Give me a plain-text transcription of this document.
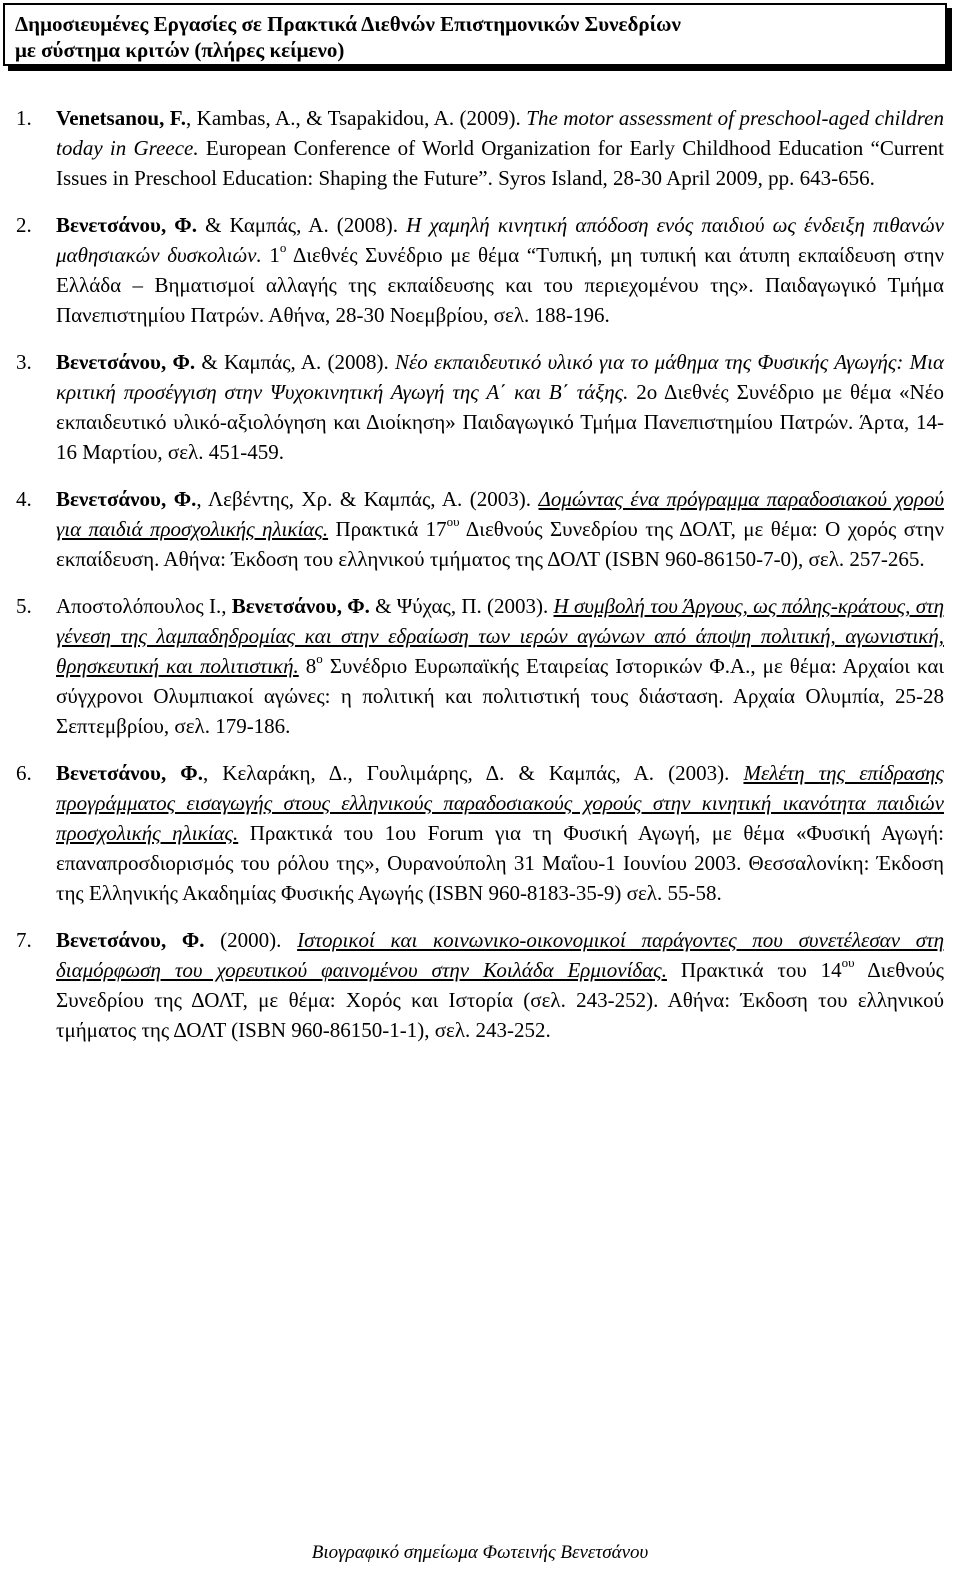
Δημοσιευμένες Εργασίες σε Πρακτικά Διεθνών Επιστημονικών Συνεδρίων
με σύστημα κριτών (πλήρες κείμενο)
1. Venetsanou, F., Kambas, A., & Tsapakidou, A. (2009). The motor assessment of preschool-aged children today in Greece. European Conference of World Organization for Early Childhood Education “Current Issues in Preschool Education: Shaping the Future”. Syros Island, 28-30 April 2009, pp. 643-656.
2. Βενετσάνου, Φ. & Καμπάς, Α. (2008). Η χαμηλή κινητική απόδοση ενός παιδιού ως ένδειξη πιθανών μαθησιακών δυσκολιών. $1^o$ Διεθνές Συνέδριο με θέμα “Τυπική, μη τυπική και άτυπη εκπαίδευση στην Ελλάδα – Βηματισμοί αλλαγής της εκπαίδευσης και του περιεχομένου της». Παιδαγωγικό Τμήμα Πανεπιστημίου Πατρών. Αθήνα, 28-30 Νοεμβρίου, σελ. 188-196.
3. Βενετσάνου, Φ. & Καμπάς, Α. (2008). Νέο εκπαιδευτικό υλικό για το μάθημα της Φυσικής Αγωγής: Μια κριτική προσέγγιση στην Ψυχοκινητική Αγωγή της Α΄ και Β΄ τάξης. 2ο Διεθνές Συνέδριο με θέμα «Νέο εκπαιδευτικό υλικό-αξιολόγηση και Διοίκηση» Παιδαγωγικό Τμήμα Πανεπιστημίου Πατρών. Άρτα, 14-16 Μαρτίου, σελ. 451-459.
4. Βενετσάνου, Φ., Λεβέντης, Χρ. & Καμπάς, Α. (2003). Δομώντας ένα πρόγραμμα παραδοσιακού χορού για παιδιά προσχολικής ηλικίας. Πρακτικά $17^{o\upsilon}$ Διεθνούς Συνεδρίου της ΔΟΛΤ, με θέμα: Ο χορός στην εκπαίδευση. Αθήνα: Έκδοση του ελληνικού τμήματος της ΔΟΛΤ (ISBN 960-86150-7-0), σελ. 257-265.
5. Αποστολόπουλος Ι., Βενετσάνου, Φ. & Ψύχας, Π. (2003). Η συμβολή του Άργους, ως πόλης-κράτους, στη γένεση της λαμπαδηδρομίας και στην εδραίωση των ιερών αγώνων από άποψη πολιτική, αγωνιστική, θρησκευτική και πολιτιστική. $8^o$ Συνέδριο Ευρωπαϊκής Εταιρείας Ιστορικών Φ.Α., με θέμα: Αρχαίοι και σύγχρονοι Ολυμπιακοί αγώνες: η πολιτική και πολιτιστική τους διάσταση. Αρχαία Ολυμπία, 25-28 Σεπτεμβρίου, σελ. 179-186.
6. Βενετσάνου, Φ., Κελαράκη, Δ., Γουλιμάρης, Δ. & Καμπάς, Α. (2003). Μελέτη της επίδρασης προγράμματος εισαγωγής στους ελληνικούς παραδοσιακούς χορούς στην κινητική ικανότητα παιδιών προσχολικής ηλικίας. Πρακτικά του 1ου Forum για τη Φυσική Αγωγή, με θέμα «Φυσική Αγωγή: επαναπροσδιορισμός του ρόλου της», Ουρανούπολη 31 Μαΐου-1 Ιουνίου 2003. Θεσσαλονίκη: Έκδοση της Ελληνικής Ακαδημίας Φυσικής Αγωγής (ISBN 960-8183-35-9) σελ. 55-58.
7. Βενετσάνου, Φ. (2000). Ιστορικοί και κοινωνικο-οικονομικοί παράγοντες που συνετέλεσαν στη διαμόρφωση του χορευτικού φαινομένου στην Κοιλάδα Ερμιονίδας. Πρακτικά του $14^{o\upsilon}$ Διεθνούς Συνεδρίου της ΔΟΛΤ, με θέμα: Χορός και Ιστορία (σελ. 243-252). Αθήνα: Έκδοση του ελληνικού τμήματος της ΔΟΛΤ (ISBN 960-86150-1-1), σελ. 243-252.
Βιογραφικό σημείωμα Φωτεινής Βενετσάνου
